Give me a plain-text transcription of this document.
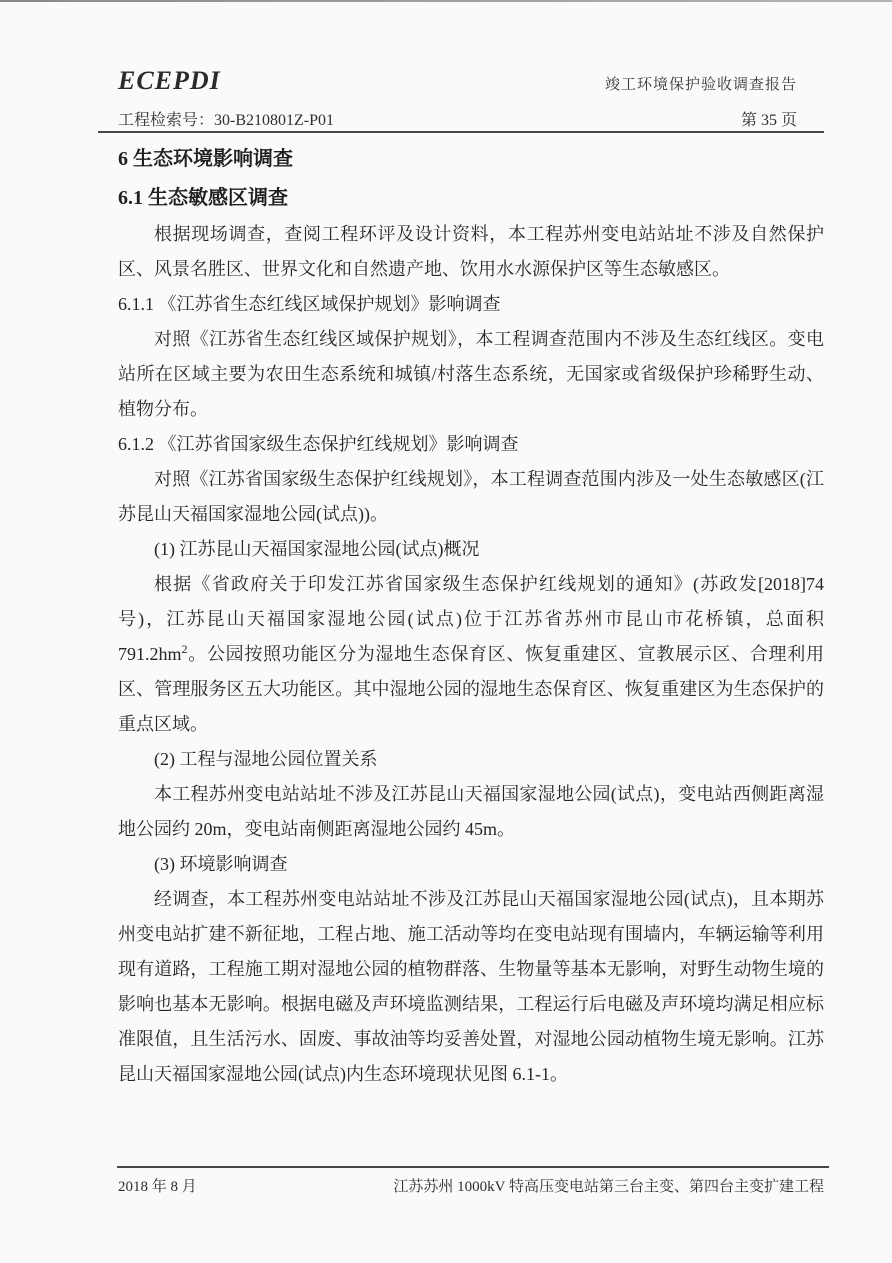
ECEPDI	竣工环境保护验收调查报告
工程检索号：30-B210801Z-P01	第 35 页
6 生态环境影响调查
6.1 生态敏感区调查

根据现场调查，查阅工程环评及设计资料，本工程苏州变电站站址不涉及自然保护区、风景名胜区、世界文化和自然遗产地、饮用水水源保护区等生态敏感区。

6.1.1 《江苏省生态红线区域保护规划》影响调查

对照《江苏省生态红线区域保护规划》，本工程调查范围内不涉及生态红线区。变电站所在区域主要为农田生态系统和城镇/村落生态系统，无国家或省级保护珍稀野生动、植物分布。

6.1.2 《江苏省国家级生态保护红线规划》影响调查

对照《江苏省国家级生态保护红线规划》，本工程调查范围内涉及一处生态敏感区(江苏昆山天福国家湿地公园(试点))。

(1) 江苏昆山天福国家湿地公园(试点)概况

根据《省政府关于印发江苏省国家级生态保护红线规划的通知》(苏政发[2018]74 号)，江苏昆山天福国家湿地公园(试点)位于江苏省苏州市昆山市花桥镇，总面积 $791.2hm^2$。公园按照功能区分为湿地生态保育区、恢复重建区、宣教展示区、合理利用区、管理服务区五大功能区。其中湿地公园的湿地生态保育区、恢复重建区为生态保护的重点区域。

(2) 工程与湿地公园位置关系

本工程苏州变电站站址不涉及江苏昆山天福国家湿地公园(试点)，变电站西侧距离湿地公园约 20m，变电站南侧距离湿地公园约 45m。

(3) 环境影响调查

经调查，本工程苏州变电站站址不涉及江苏昆山天福国家湿地公园(试点)，且本期苏州变电站扩建不新征地，工程占地、施工活动等均在变电站现有围墙内，车辆运输等利用现有道路，工程施工期对湿地公园的植物群落、生物量等基本无影响，对野生动物生境的影响也基本无影响。根据电磁及声环境监测结果，工程运行后电磁及声环境均满足相应标准限值，且生活污水、固废、事故油等均妥善处置，对湿地公园动植物生境无影响。江苏昆山天福国家湿地公园(试点)内生态环境现状见图 6.1-1。

2018 年 8 月	江苏苏州 1000kV 特高压变电站第三台主变、第四台主变扩建工程
